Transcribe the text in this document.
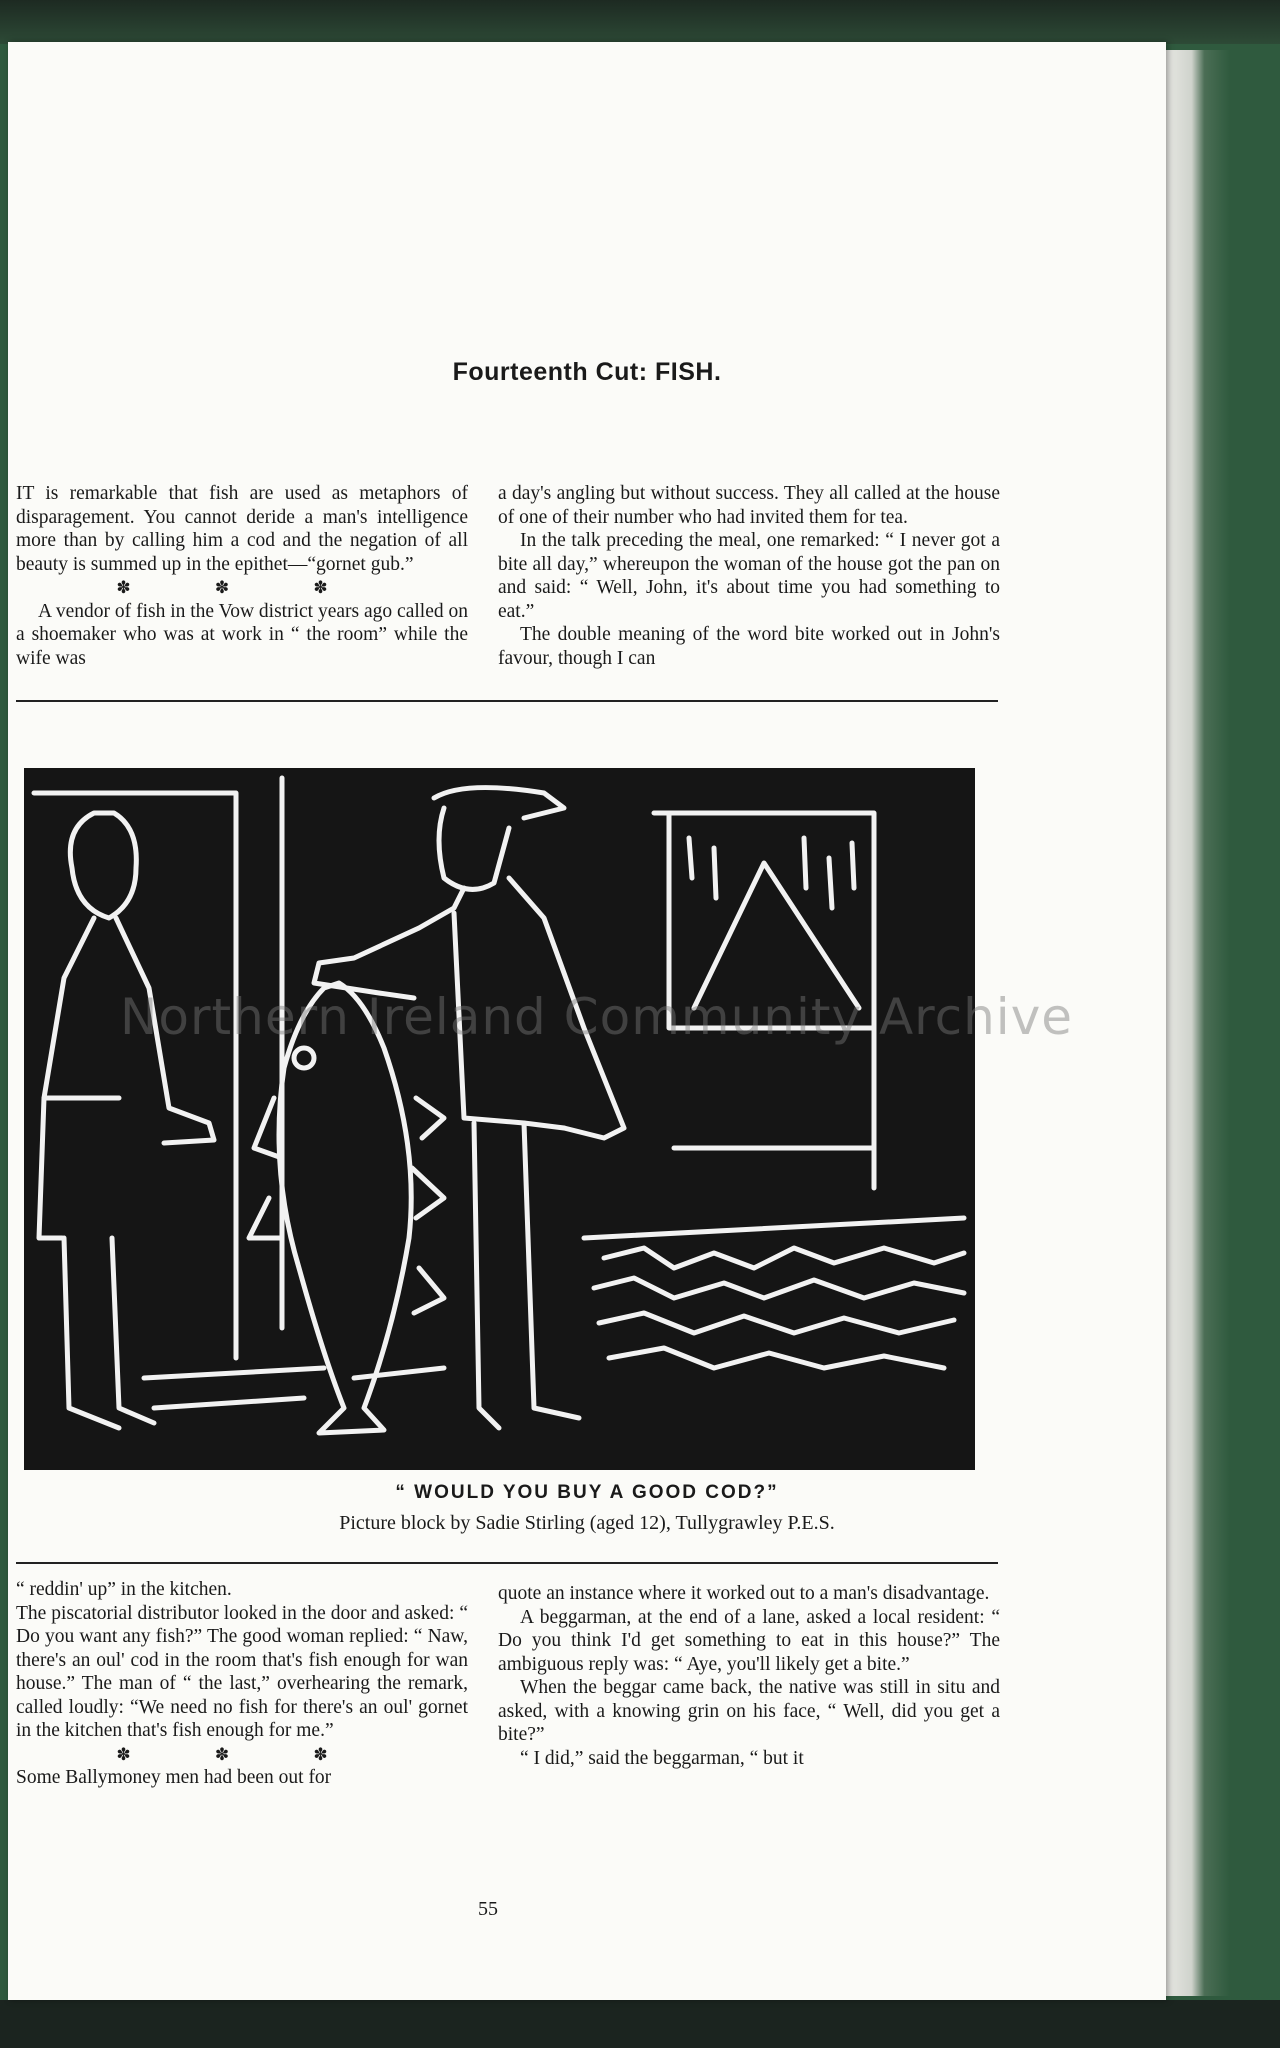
Fourteenth Cut: FISH.

IT is remarkable that fish are used as metaphors of disparagement. You cannot deride a man's intelligence more than by calling him a cod and the negation of all beauty is summed up in the epithet—“gornet gub.”

✽ ✽ ✽

A vendor of fish in the Vow district years ago called on a shoemaker who was at work in “ the room” while the wife was

a day's angling but without success. They all called at the house of one of their number who had invited them for tea.

In the talk preceding the meal, one remarked: “ I never got a bite all day,” whereupon the woman of the house got the pan on and said: “ Well, John, it's about time you had something to eat.”

The double meaning of the word bite worked out in John's favour, though I can

“ WOULD YOU BUY A GOOD COD?”
Picture block by Sadie Stirling (aged 12), Tullygrawley P.E.S.

“ reddin' up” in the kitchen.

The piscatorial distributor looked in the door and asked: “ Do you want any fish?” The good woman replied: “ Naw, there's an oul' cod in the room that's fish enough for wan house.” The man of “ the last,” overhearing the remark, called loudly: “We need no fish for there's an oul' gornet in the kitchen that's fish enough for me.”

✽ ✽ ✽

Some Ballymoney men had been out for

quote an instance where it worked out to a man's disadvantage.

A beggarman, at the end of a lane, asked a local resident: “ Do you think I'd get something to eat in this house?” The ambiguous reply was: “ Aye, you'll likely get a bite.”

When the beggar came back, the native was still in situ and asked, with a knowing grin on his face, “ Well, did you get a bite?”

“ I did,” said the beggarman, “ but it

55
Northern Ireland Community Archive
